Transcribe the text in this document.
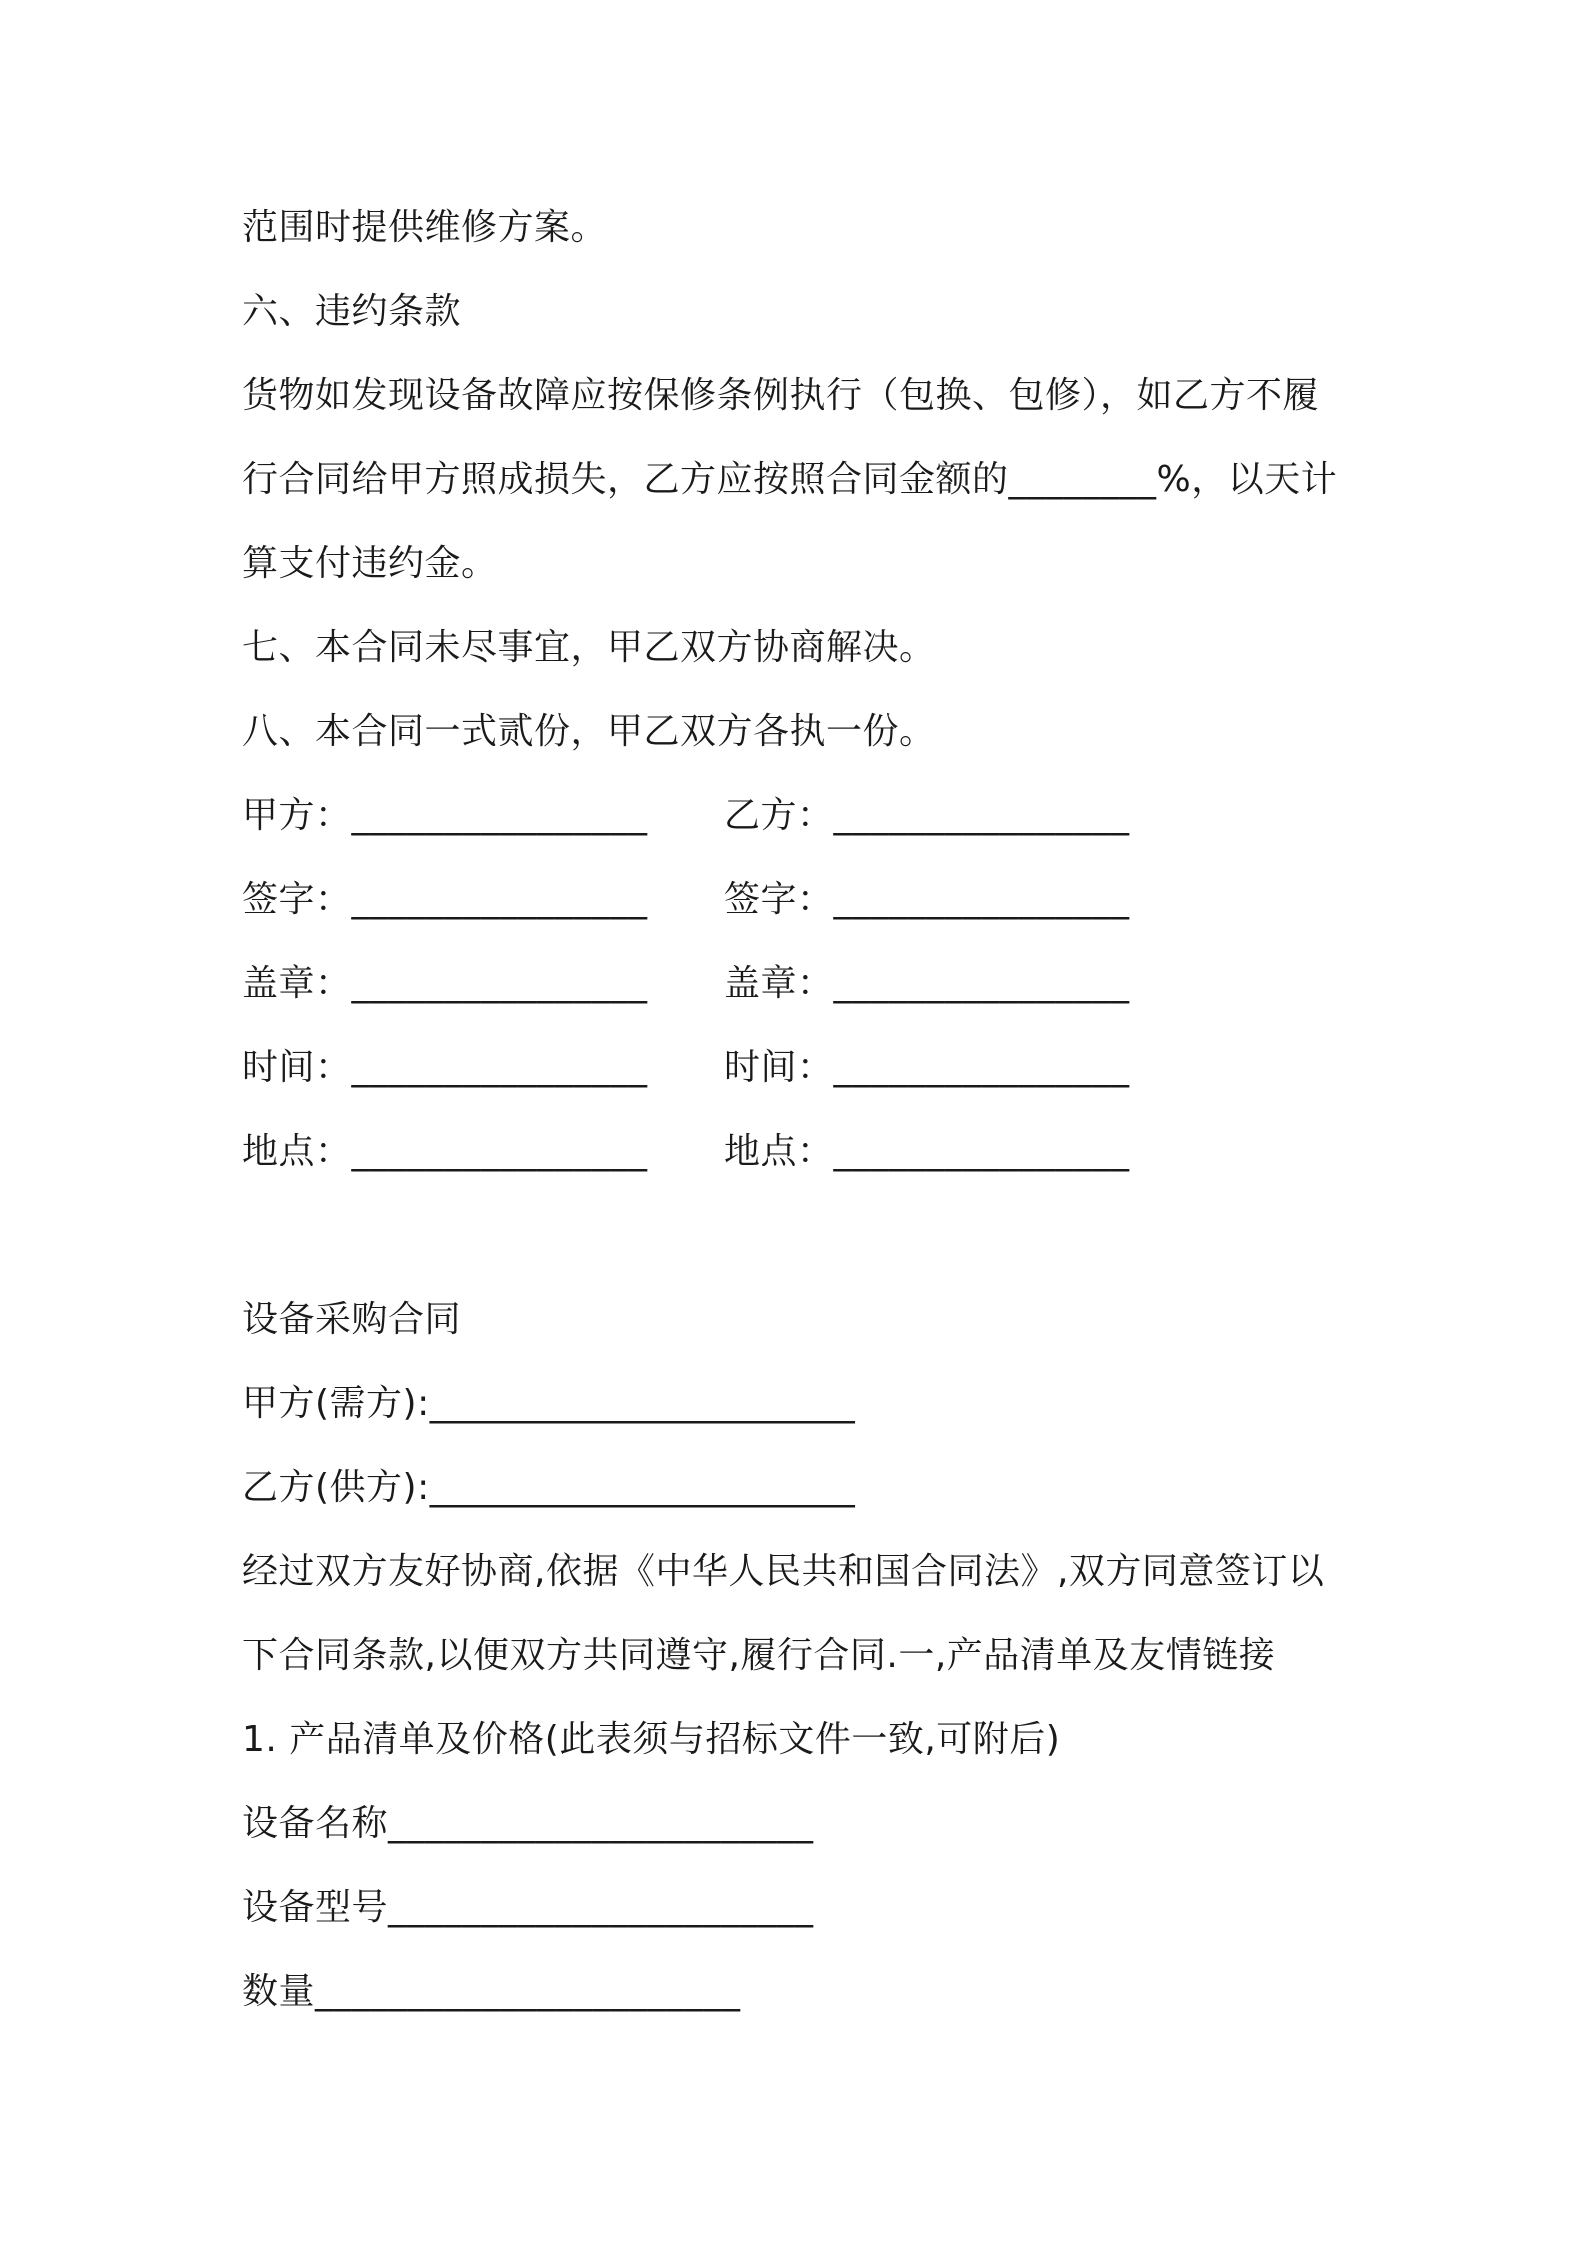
范围时提供维修方案。
六、违约条款
货物如发现设备故障应按保修条例执行（包换、包修），如乙方不履
行合同给甲方照成损失，乙方应按照合同金额的________%，以天计
算支付违约金。
七、本合同未尽事宜，甲乙双方协商解决。
八、本合同一式贰份，甲乙双方各执一份。
甲方：________________ 乙方：________________
签字：________________ 签字：________________
盖章：________________ 盖章：________________
时间：________________ 时间：________________
地点：________________ 地点：________________
设备采购合同
甲方(需方):_______________________
乙方(供方):_______________________
经过双方友好协商,依据《中华人民共和国合同法》,双方同意签订以
下合同条款,以便双方共同遵守,履行合同.一,产品清单及友情链接
1. 产品清单及价格(此表须与招标文件一致,可附后)
设备名称_______________________
设备型号_______________________
数量_______________________
